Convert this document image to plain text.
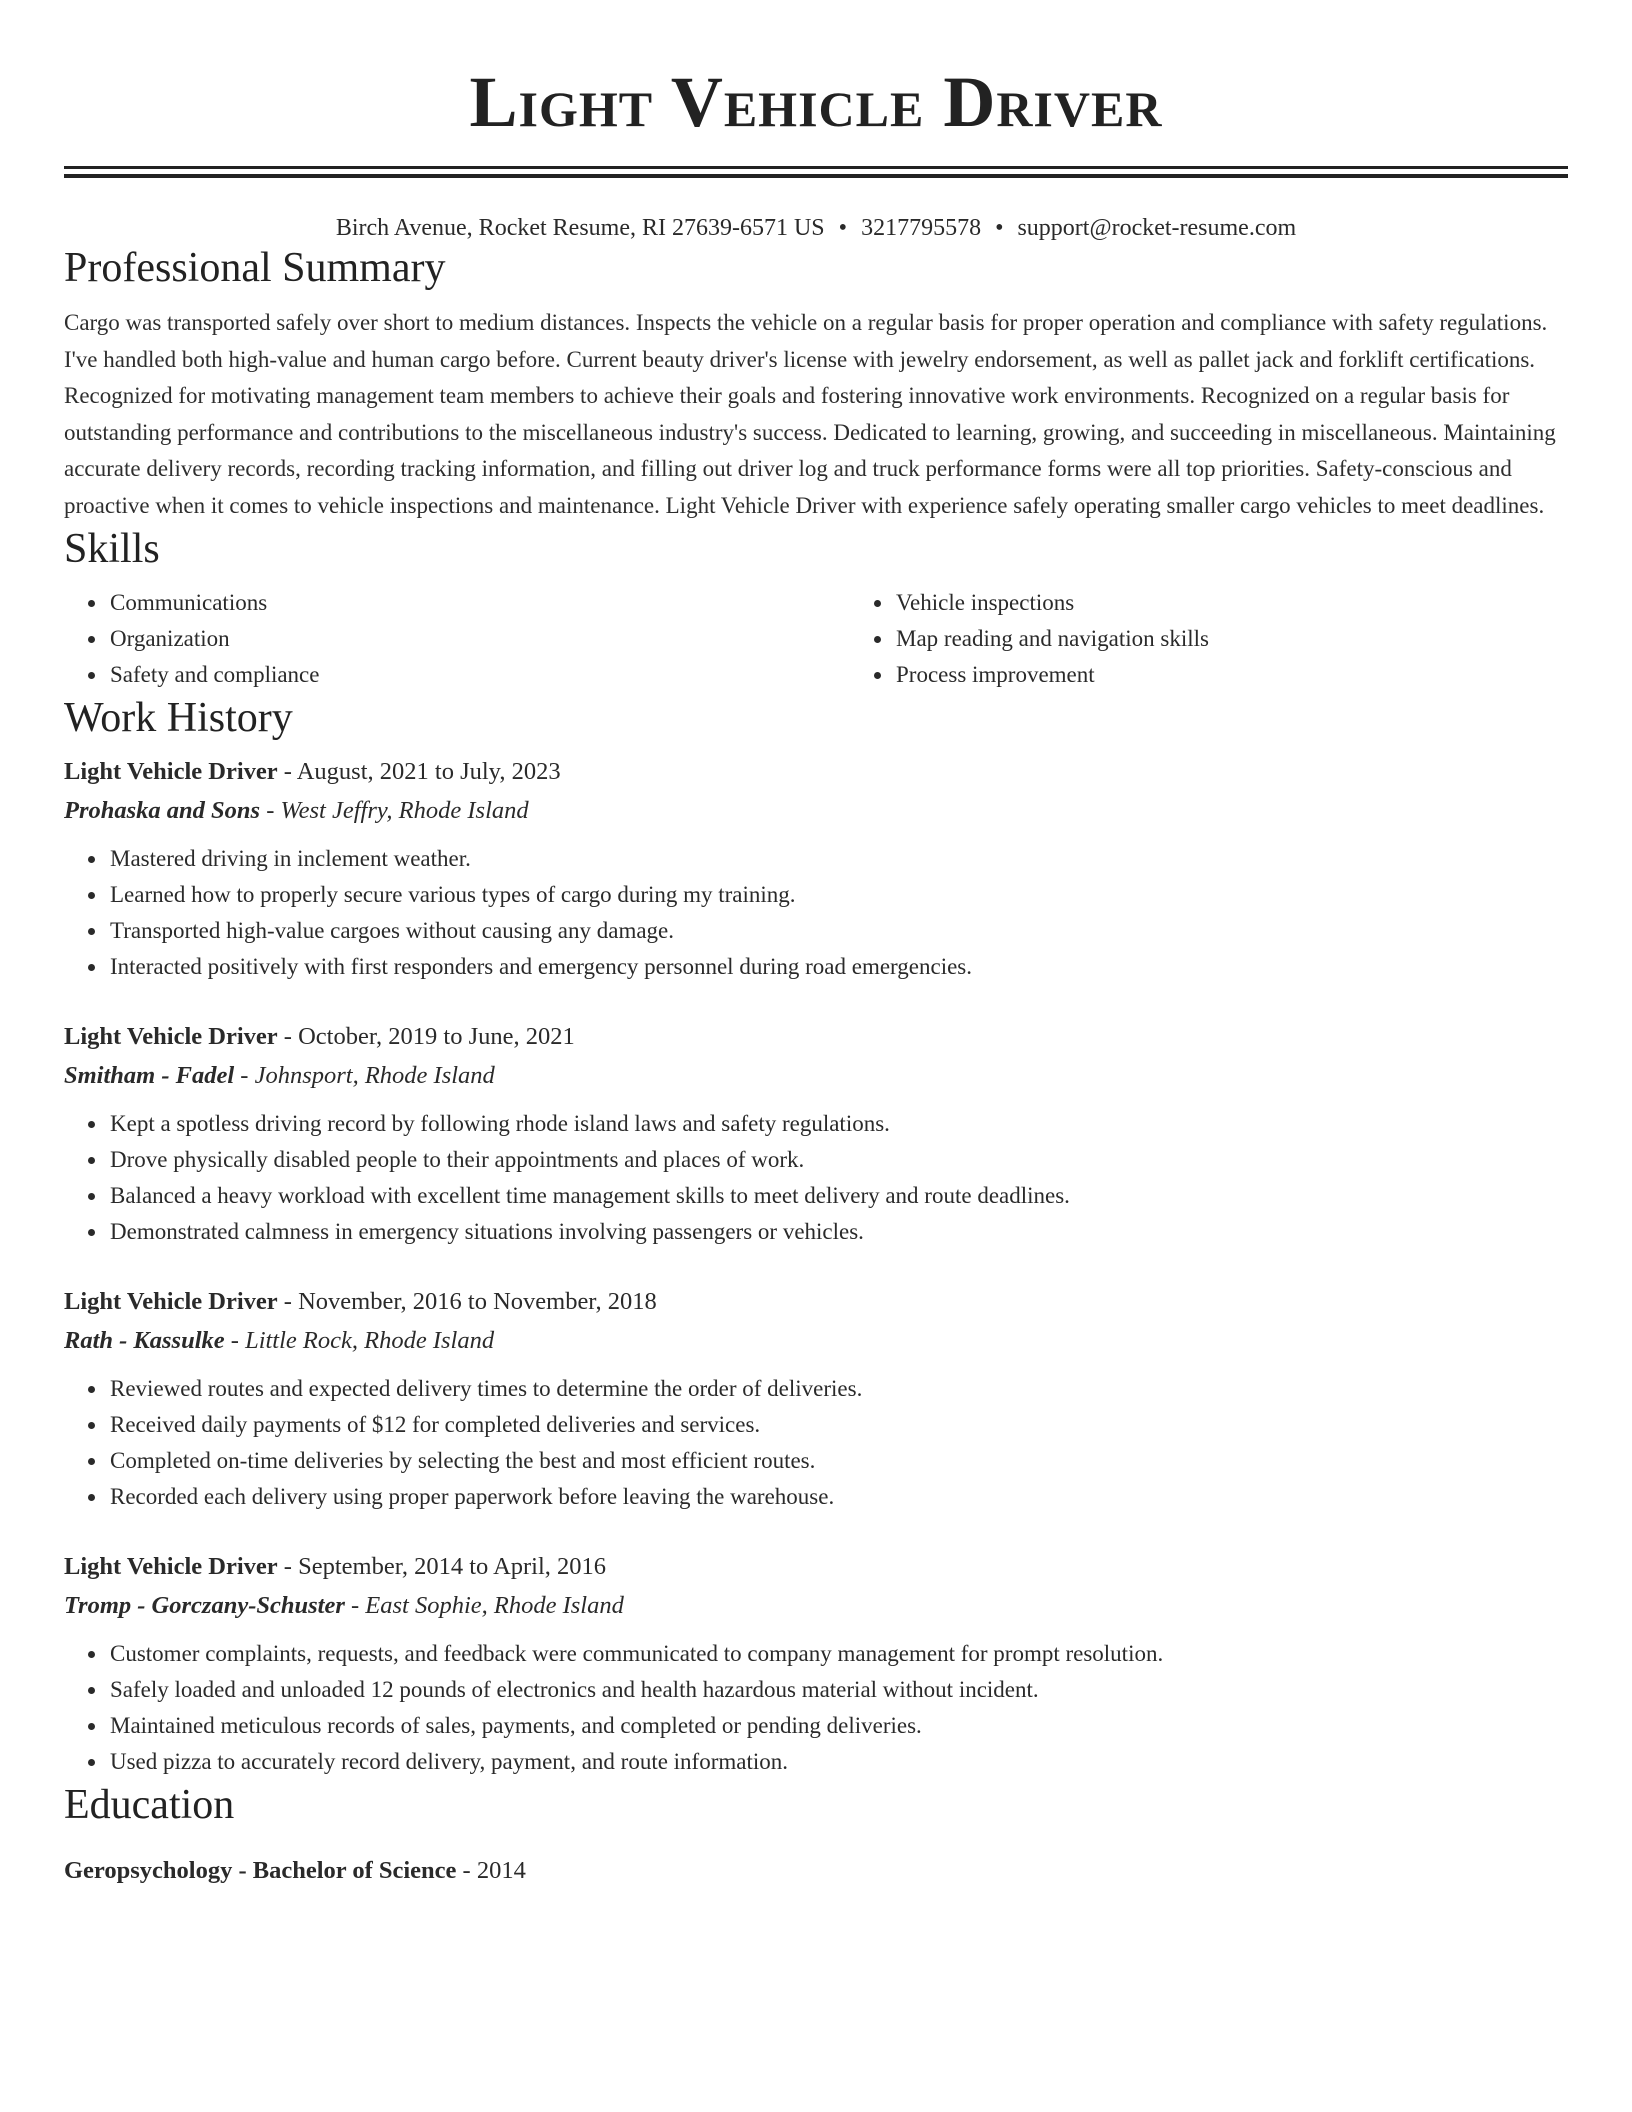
Light Vehicle Driver
Birch Avenue, Rocket Resume, RI 27639-6571 US • 3217795578 • support@rocket-resume.com
Professional Summary
Cargo was transported safely over short to medium distances. Inspects the vehicle on a regular basis for proper operation and compliance with safety regulations. I've handled both high-value and human cargo before. Current beauty driver's license with jewelry endorsement, as well as pallet jack and forklift certifications. Recognized for motivating management team members to achieve their goals and fostering innovative work environments. Recognized on a regular basis for outstanding performance and contributions to the miscellaneous industry's success. Dedicated to learning, growing, and succeeding in miscellaneous. Maintaining accurate delivery records, recording tracking information, and filling out driver log and truck performance forms were all top priorities. Safety-conscious and proactive when it comes to vehicle inspections and maintenance. Light Vehicle Driver with experience safely operating smaller cargo vehicles to meet deadlines.
Skills
• Communications
• Organization
• Safety and compliance
• Vehicle inspections
• Map reading and navigation skills
• Process improvement
Work History
Light Vehicle Driver - August, 2021 to July, 2023
Prohaska and Sons - West Jeffry, Rhode Island
• Mastered driving in inclement weather.
• Learned how to properly secure various types of cargo during my training.
• Transported high-value cargoes without causing any damage.
• Interacted positively with first responders and emergency personnel during road emergencies.
Light Vehicle Driver - October, 2019 to June, 2021
Smitham - Fadel - Johnsport, Rhode Island
• Kept a spotless driving record by following rhode island laws and safety regulations.
• Drove physically disabled people to their appointments and places of work.
• Balanced a heavy workload with excellent time management skills to meet delivery and route deadlines.
• Demonstrated calmness in emergency situations involving passengers or vehicles.
Light Vehicle Driver - November, 2016 to November, 2018
Rath - Kassulke - Little Rock, Rhode Island
• Reviewed routes and expected delivery times to determine the order of deliveries.
• Received daily payments of $12 for completed deliveries and services.
• Completed on-time deliveries by selecting the best and most efficient routes.
• Recorded each delivery using proper paperwork before leaving the warehouse.
Light Vehicle Driver - September, 2014 to April, 2016
Tromp - Gorczany-Schuster - East Sophie, Rhode Island
• Customer complaints, requests, and feedback were communicated to company management for prompt resolution.
• Safely loaded and unloaded 12 pounds of electronics and health hazardous material without incident.
• Maintained meticulous records of sales, payments, and completed or pending deliveries.
• Used pizza to accurately record delivery, payment, and route information.
Education
Geropsychology - Bachelor of Science - 2014
